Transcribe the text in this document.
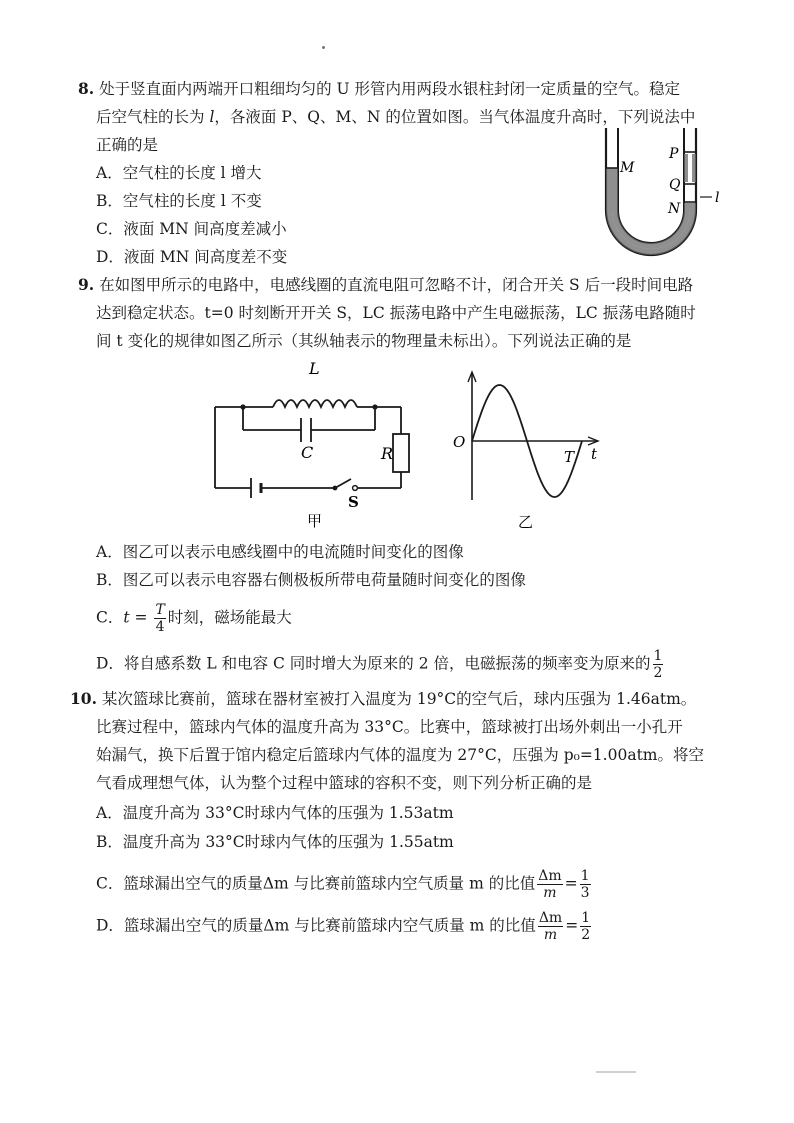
8. 处于竖直面内两端开口粗细均匀的 U 形管内用两段水银柱封闭一定质量的空气。稳定
后空气柱的长为 l，各液面 P、Q、M、N 的位置如图。当气体温度升高时，下列说法中
正确的是
A．空气柱的长度 l 增大
B．空气柱的长度 l 不变
C．液面 MN 间高度差减小
D．液面 MN 间高度差不变
M
P
Q
N
l
9. 在如图甲所示的电路中，电感线圈的直流电阻可忽略不计，闭合开关 S 后一段时间电路
达到稳定状态。t=0 时刻断开开关 S，LC 振荡电路中产生电磁振荡，LC 振荡电路随时
间 t 变化的规律如图乙所示（其纵轴表示的物理量未标出）。下列说法正确的是
L
C	R
S
甲
O
T t
乙
A．图乙可以表示电感线圈中的电流随时间变化的图像
B．图乙可以表示电容器右侧极板所带电荷量随时间变化的图像
C．$t = \frac{T}{4}$ 时刻，磁场能最大
D．将自感系数 L 和电容 C 同时增大为原来的 2 倍，电磁振荡的频率变为原来的 $\frac{1}{2}$
10. 某次篮球比赛前，篮球在器材室被打入温度为 19°C的空气后，球内压强为 1.46atm。
比赛过程中，篮球内气体的温度升高为 33°C。比赛中，篮球被打出场外刺出一小孔开
始漏气，换下后置于馆内稳定后篮球内气体的温度为 27°C，压强为 p₀=1.00atm。将空
气看成理想气体，认为整个过程中篮球的容积不变，则下列分析正确的是
A．温度升高为 33°C时球内气体的压强为 1.53atm
B．温度升高为 33°C时球内气体的压强为 1.55atm
C．篮球漏出空气的质量Δm 与比赛前篮球内空气质量 m 的比值 $\frac{\Delta m}{m} = \frac{1}{3}$
D．篮球漏出空气的质量Δm 与比赛前篮球内空气质量 m 的比值 $\frac{\Delta m}{m} = \frac{1}{2}$
